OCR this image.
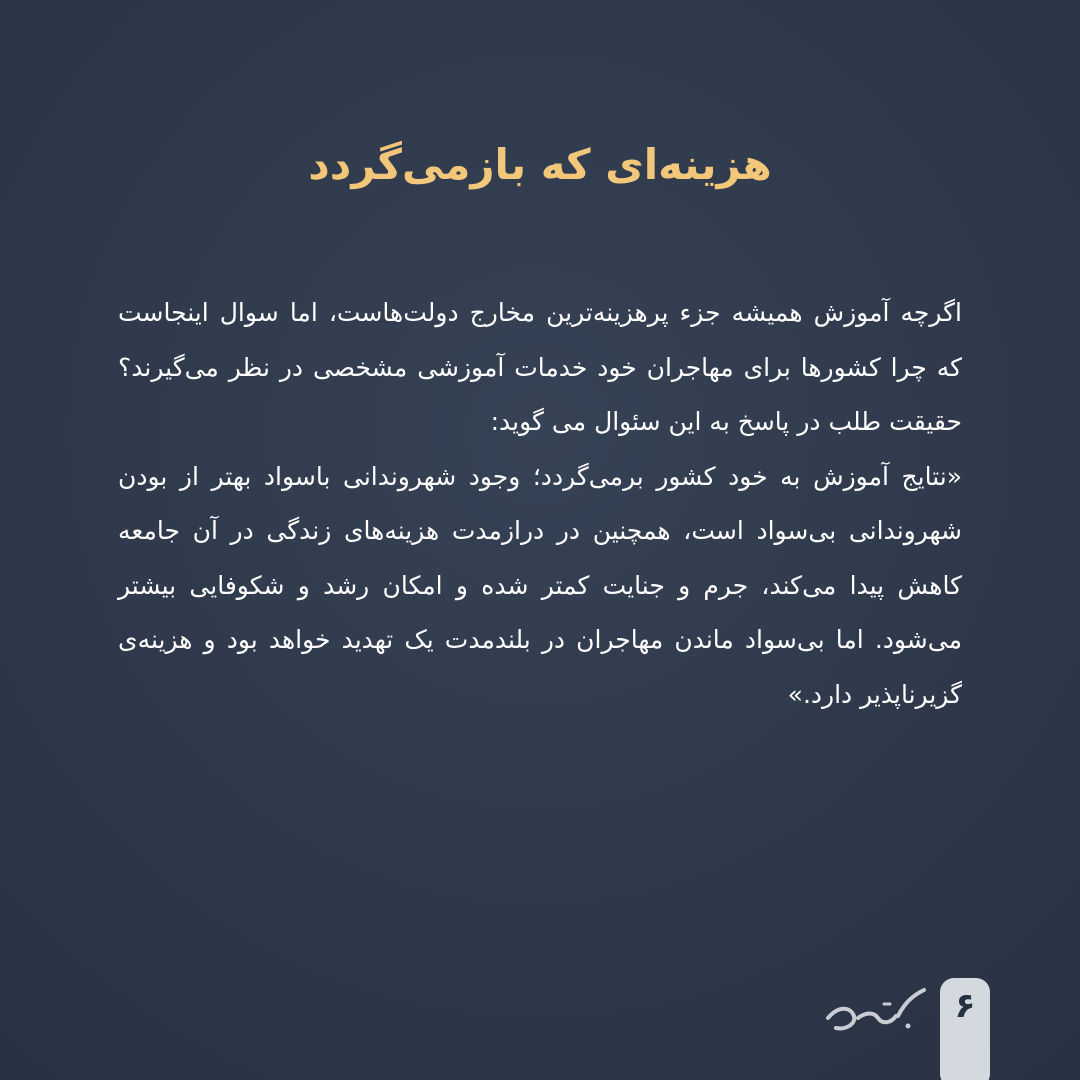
هزینه‌ای که بازمی‌گردد

اگرچه آموزش همیشه جزء پرهزینه‌ترین مخارج دولت‌هاست، اما سوال اینجاست که چرا کشورها برای مهاجران خود خدمات آموزشی مشخصی در نظر می‌گیرند؟ حقیقت طلب در پاسخ به این سئوال می گوید:

«نتایج آموزش به خود کشور برمی‌گردد؛ وجود شهروندانی باسواد بهتر از بودن شهروندانی بی‌سواد است، همچنین در درازمدت هزینه‌های زندگی در آن جامعه کاهش پیدا می‌کند، جرم و جنایت کمتر شده و امکان رشد و شکوفایی بیشتر می‌شود. اما بی‌سواد ماندن مهاجران در بلندمدت یک تهدید خواهد بود و هزینه‌ی گزیرناپذیر دارد.»

۶
